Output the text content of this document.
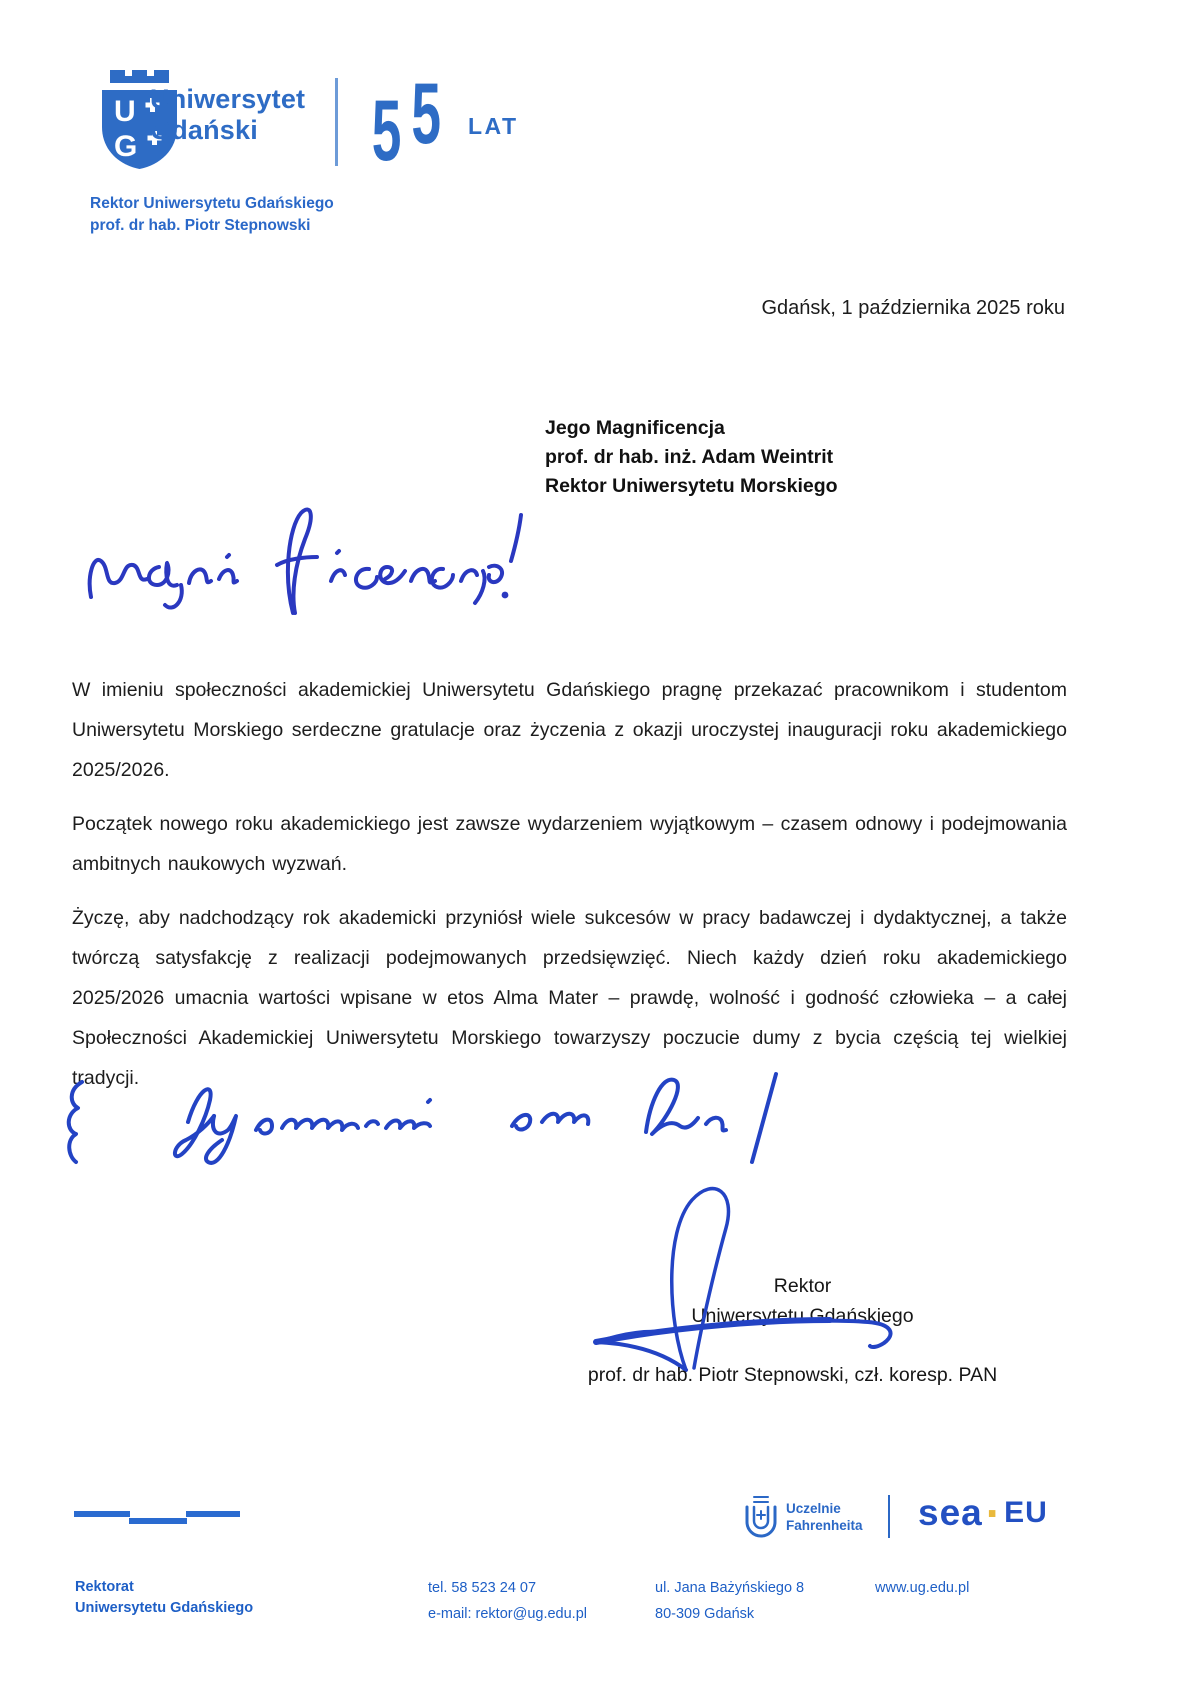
U
G
Uniwersytet
Gdański	5 5 LAT
Rektor Uniwersytetu Gdańskiego
prof. dr hab. Piotr Stepnowski
Gdańsk, 1 października 2025 roku
Jego Magnificencja
prof. dr hab. inż. Adam Weintrit
Rektor Uniwersytetu Morskiego

W imieniu społeczności akademickiej Uniwersytetu Gdańskiego pragnę przekazać pracownikom i studentom Uniwersytetu Morskiego serdeczne gratulacje oraz życzenia z okazji uroczystej inauguracji roku akademickiego 2025/2026.

Początek nowego roku akademickiego jest zawsze wydarzeniem wyjątkowym – czasem odnowy i podejmowania ambitnych naukowych wyzwań.

Życzę, aby nadchodzący rok akademicki przyniósł wiele sukcesów w pracy badawczej i dydaktycznej, a także twórczą satysfakcję z realizacji podejmowanych przedsięwzięć. Niech każdy dzień roku akademickiego 2025/2026 umacnia wartości wpisane w etos Alma Mater – prawdę, wolność i godność człowieka – a całej Społeczności Akademickiej Uniwersytetu Morskiego towarzyszy poczucie dumy z bycia częścią tej wielkiej tradycji.

Rektor
Uniwersytetu Gdańskiego
prof. dr hab. Piotr Stepnowski, czł. koresp. PAN
Uczelnie
Fahrenheita sea · EU
Rektorat
Uniwersytetu Gdańskiego
tel. 58 523 24 07
e-mail: rektor@ug.edu.pl
ul. Jana Bażyńskiego 8
80-309 Gdańsk
www.ug.edu.pl
